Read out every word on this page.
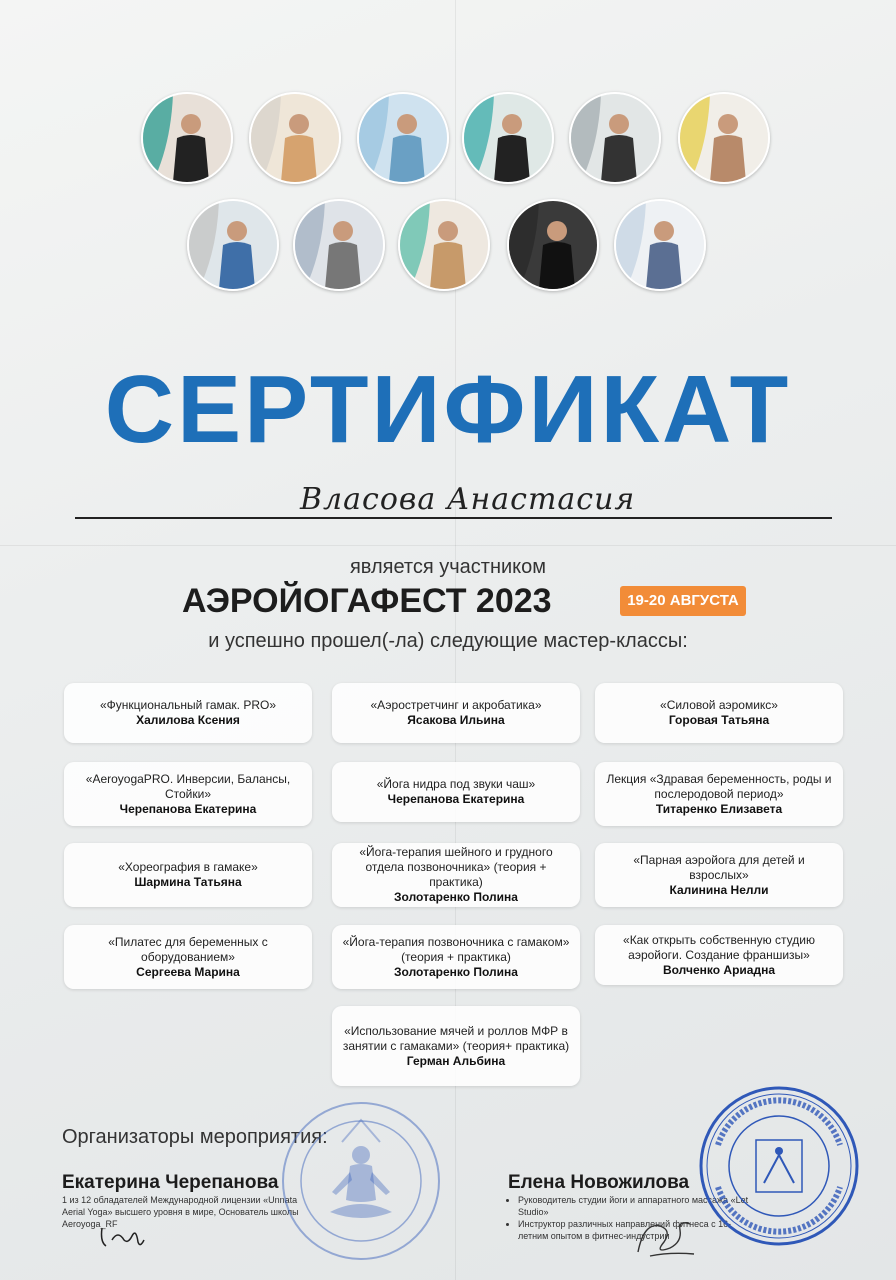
СЕРТИФИКАТ
Власова Анастасия
является участником
АЭРОЙОГАФЕСТ 2023	19-20 АВГУСТА
и успешно прошел(-ла) следующие мастер-классы:
«Функциональный гамак. PRO»
Халилова Ксения
«Аэростретчинг и акробатика»
Ясакова Ильина
«Силовой аэромикс»
Горовая Татьяна
«AeroyogaPRO. Инверсии, Балансы, Стойки»
Черепанова Екатерина
«Йога нидра под звуки чаш»
Черепанова Екатерина
Лекция «Здравая беременность, роды и послеродовой период»
Титаренко Елизавета
«Хореография в гамаке»
Шармина Татьяна
«Йога-терапия шейного и грудного отдела позвоночника» (теория + практика)
Золотаренко Полина
«Парная аэройога для детей и взрослых»
Калинина Нелли
«Пилатес для беременных с оборудованием»
Сергеева Марина
«Йога-терапия позвоночника с гамаком» (теория + практика)
Золотаренко Полина
«Как открыть собственную студию аэройоги. Создание франшизы»
Волченко Ариадна
«Использование мячей и роллов МФР в занятии с гамаками» (теория+ практика)
Герман Альбина
Организаторы мероприятия:
Екатерина Черепанова
1 из 12 обладателей Международной лицензии «Unnata Aerial Yoga» высшего уровня в мире, Основатель школы Aeroyoga_RF
Елена Новожилова
• Руководитель студии йоги и аппаратного массажа «Let Studio»
• Инструктор различных направлений фитнеса с 16-летним опытом в фитнес-индустрии
